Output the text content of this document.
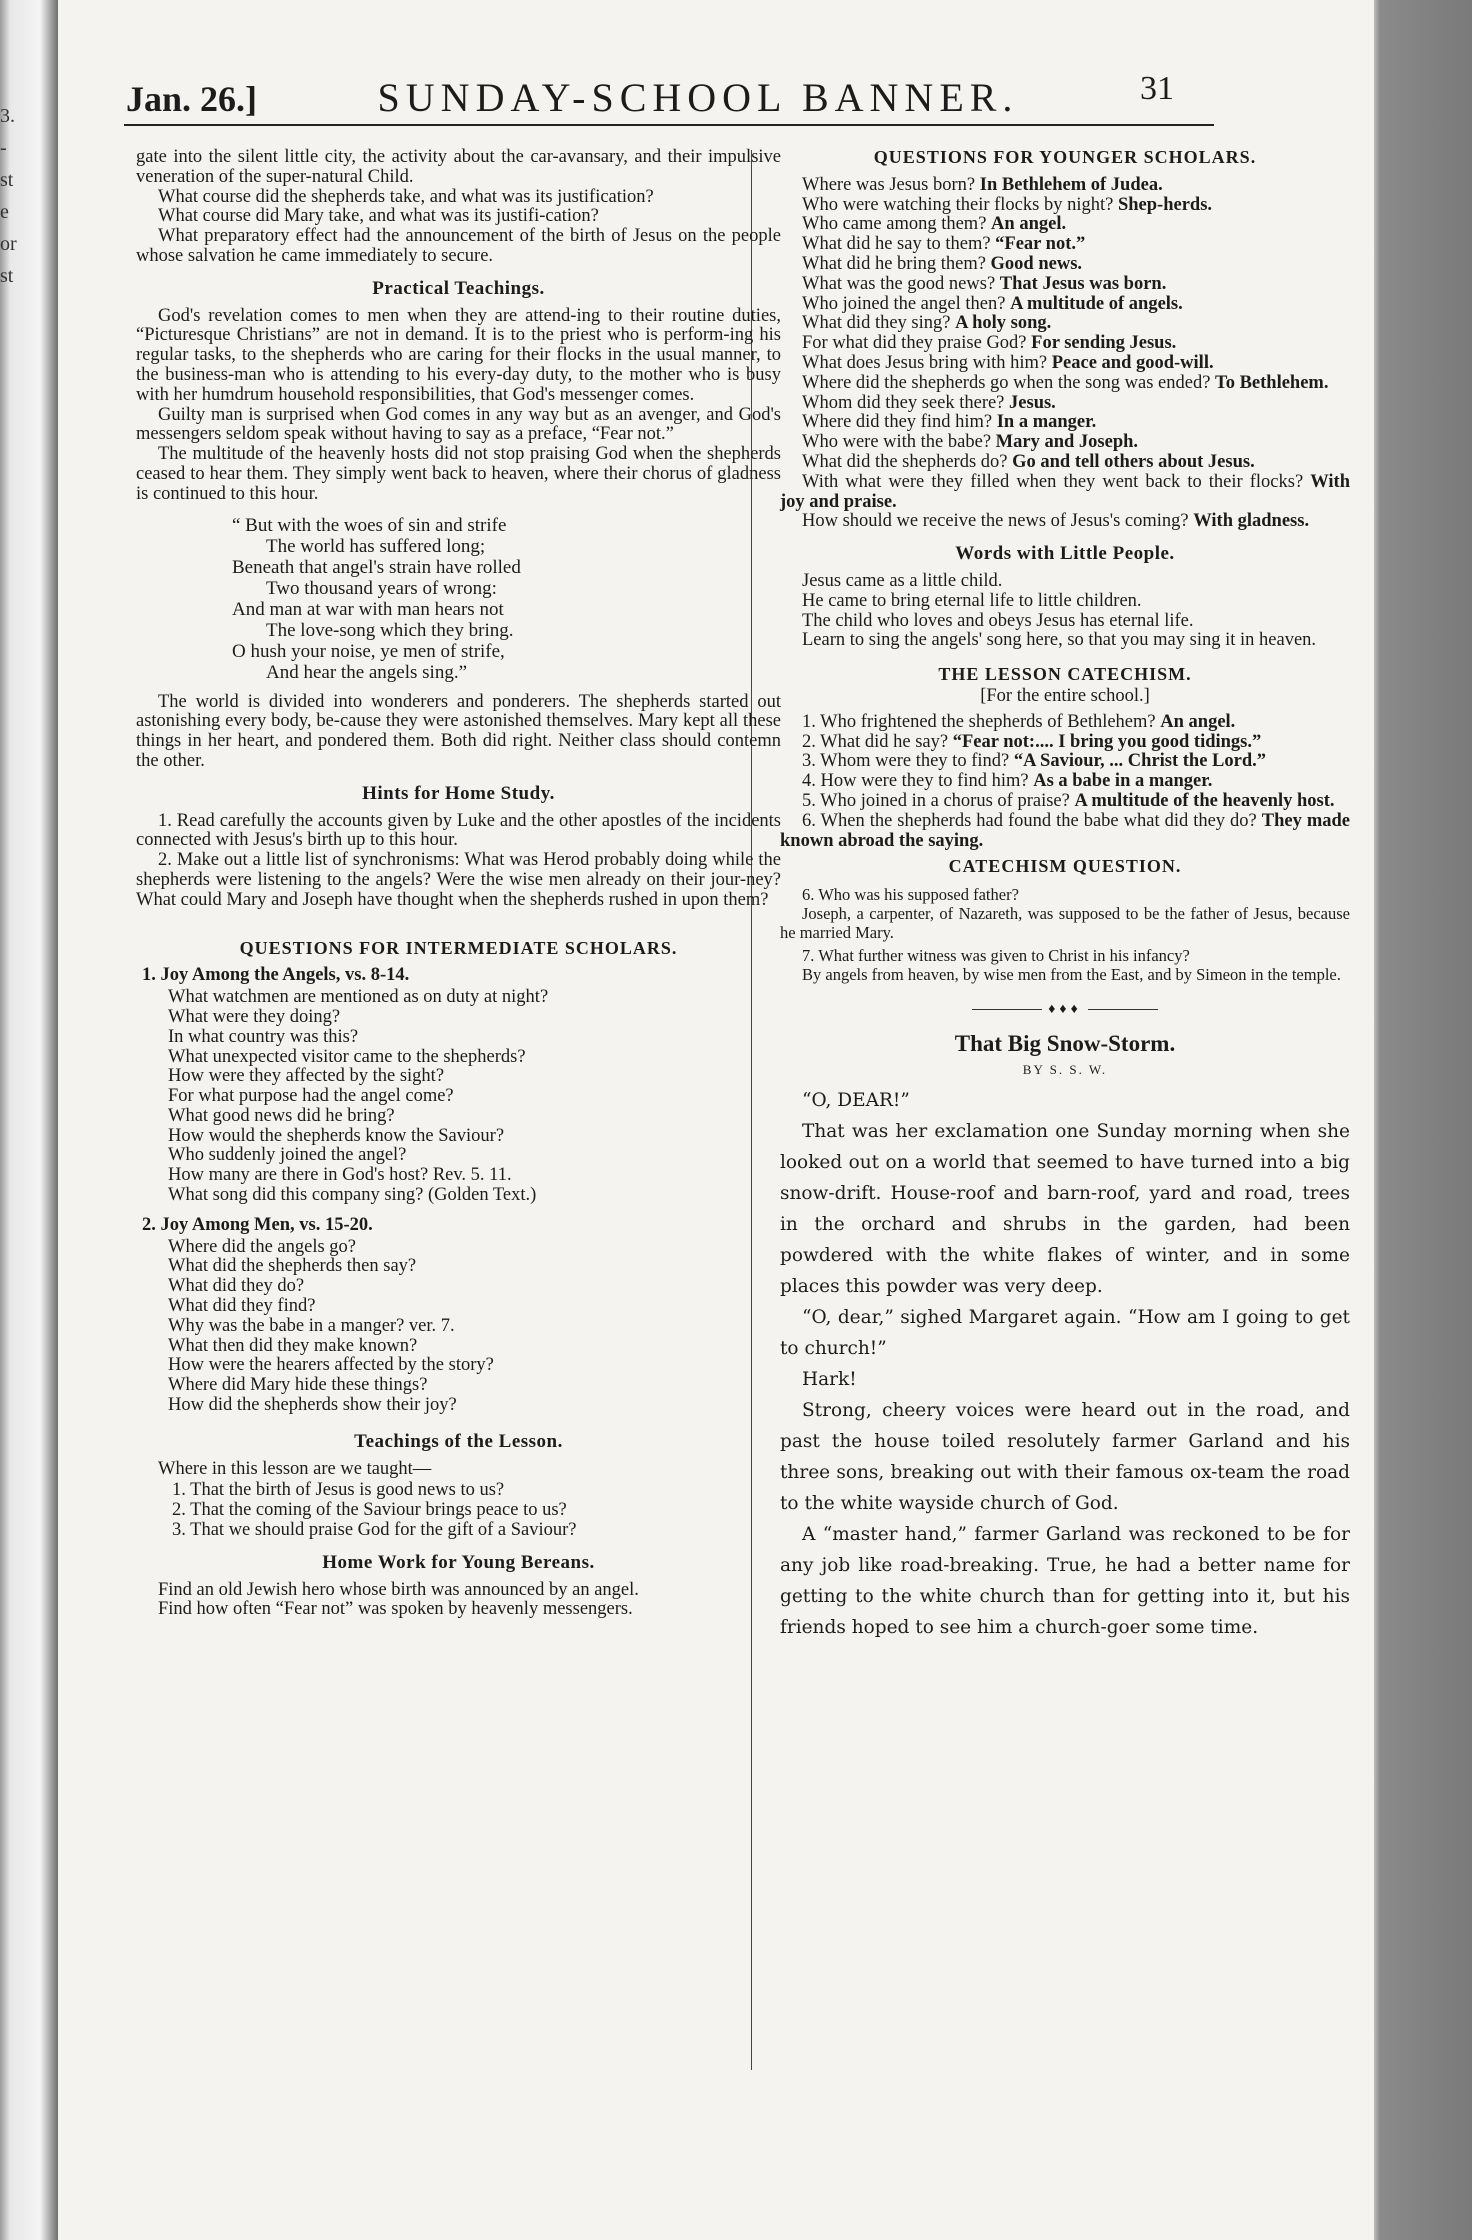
3.
-
st
e
or
st
Jan. 26.]	SUNDAY-SCHOOL BANNER.	31

gate into the silent little city, the activity about the car-avansary, and their impulsive veneration of the super-natural Child.

What course did the shepherds take, and what was its justification?

What course did Mary take, and what was its justifi-cation?

What preparatory effect had the announcement of the birth of Jesus on the people whose salvation he came immediately to secure.

Practical Teachings.

God's revelation comes to men when they are attend-ing to their routine duties, “Picturesque Christians” are not in demand. It is to the priest who is perform-ing his regular tasks, to the shepherds who are caring for their flocks in the usual manner, to the business-man who is attending to his every-day duty, to the mother who is busy with her humdrum household responsibilities, that God's messenger comes.

Guilty man is surprised when God comes in any way but as an avenger, and God's messengers seldom speak without having to say as a preface, “Fear not.”

The multitude of the heavenly hosts did not stop praising God when the shepherds ceased to hear them. They simply went back to heaven, where their chorus of gladness is continued to this hour.

“ But with the woes of sin and strife
The world has suffered long;
Beneath that angel's strain have rolled
Two thousand years of wrong:
And man at war with man hears not
The love-song which they bring.
O hush your noise, ye men of strife,
And hear the angels sing.”

The world is divided into wonderers and ponderers. The shepherds started out astonishing every body, be-cause they were astonished themselves. Mary kept all these things in her heart, and pondered them. Both did right. Neither class should contemn the other.

Hints for Home Study.

1. Read carefully the accounts given by Luke and the other apostles of the incidents connected with Jesus's birth up to this hour.

2. Make out a little list of synchronisms: What was Herod probably doing while the shepherds were listening to the angels? Were the wise men already on their jour-ney? What could Mary and Joseph have thought when the shepherds rushed in upon them?

QUESTIONS FOR INTERMEDIATE SCHOLARS.
1. Joy Among the Angels, vs. 8-14.
What watchmen are mentioned as on duty at night?
What were they doing?
In what country was this?
What unexpected visitor came to the shepherds?
How were they affected by the sight?
For what purpose had the angel come?
What good news did he bring?
How would the shepherds know the Saviour?
Who suddenly joined the angel?
How many are there in God's host? Rev. 5. 11.
What song did this company sing? (Golden Text.)
2. Joy Among Men, vs. 15-20.
Where did the angels go?
What did the shepherds then say?
What did they do?
What did they find?
Why was the babe in a manger? ver. 7.
What then did they make known?
How were the hearers affected by the story?
Where did Mary hide these things?
How did the shepherds show their joy?
Teachings of the Lesson.

Where in this lesson are we taught—

1. That the birth of Jesus is good news to us?
2. That the coming of the Saviour brings peace to us?
3. That we should praise God for the gift of a Saviour?
Home Work for Young Bereans.

Find an old Jewish hero whose birth was announced by an angel.

Find how often “Fear not” was spoken by heavenly messengers.

QUESTIONS FOR YOUNGER SCHOLARS.

Where was Jesus born? In Bethlehem of Judea.

Who were watching their flocks by night? Shep-herds.

Who came among them? An angel.

What did he say to them? “Fear not.”

What did he bring them? Good news.

What was the good news? That Jesus was born.

Who joined the angel then? A multitude of angels.

What did they sing? A holy song.

For what did they praise God? For sending Jesus.

What does Jesus bring with him? Peace and good-will.

Where did the shepherds go when the song was ended? To Bethlehem.

Whom did they seek there? Jesus.

Where did they find him? In a manger.

Who were with the babe? Mary and Joseph.

What did the shepherds do? Go and tell others about Jesus.

With what were they filled when they went back to their flocks? With joy and praise.

How should we receive the news of Jesus's coming? With gladness.

Words with Little People.

Jesus came as a little child.

He came to bring eternal life to little children.

The child who loves and obeys Jesus has eternal life.

Learn to sing the angels' song here, so that you may sing it in heaven.

THE LESSON CATECHISM.
[For the entire school.]

1. Who frightened the shepherds of Bethlehem? An angel.

2. What did he say? “Fear not:.... I bring you good tidings.”

3. Whom were they to find? “A Saviour, ... Christ the Lord.”

4. How were they to find him? As a babe in a manger.

5. Who joined in a chorus of praise? A multitude of the heavenly host.

6. When the shepherds had found the babe what did they do? They made known abroad the saying.

CATECHISM QUESTION.

6. Who was his supposed father?

Joseph, a carpenter, of Nazareth, was supposed to be the father of Jesus, because he married Mary.

7. What further witness was given to Christ in his infancy?

By angels from heaven, by wise men from the East, and by Simeon in the temple.

♦♦♦
That Big Snow-Storm.
BY S. S. W.

“O, DEAR!”

That was her exclamation one Sunday morning when she looked out on a world that seemed to have turned into a big snow-drift. House-roof and barn-roof, yard and road, trees in the orchard and shrubs in the garden, had been powdered with the white flakes of winter, and in some places this powder was very deep.

“O, dear,” sighed Margaret again. “How am I going to get to church!”

Hark!

Strong, cheery voices were heard out in the road, and past the house toiled resolutely farmer Garland and his three sons, breaking out with their famous ox-team the road to the white wayside church of God.

A “master hand,” farmer Garland was reckoned to be for any job like road-breaking. True, he had a better name for getting to the white church than for getting into it, but his friends hoped to see him a church-goer some time.
